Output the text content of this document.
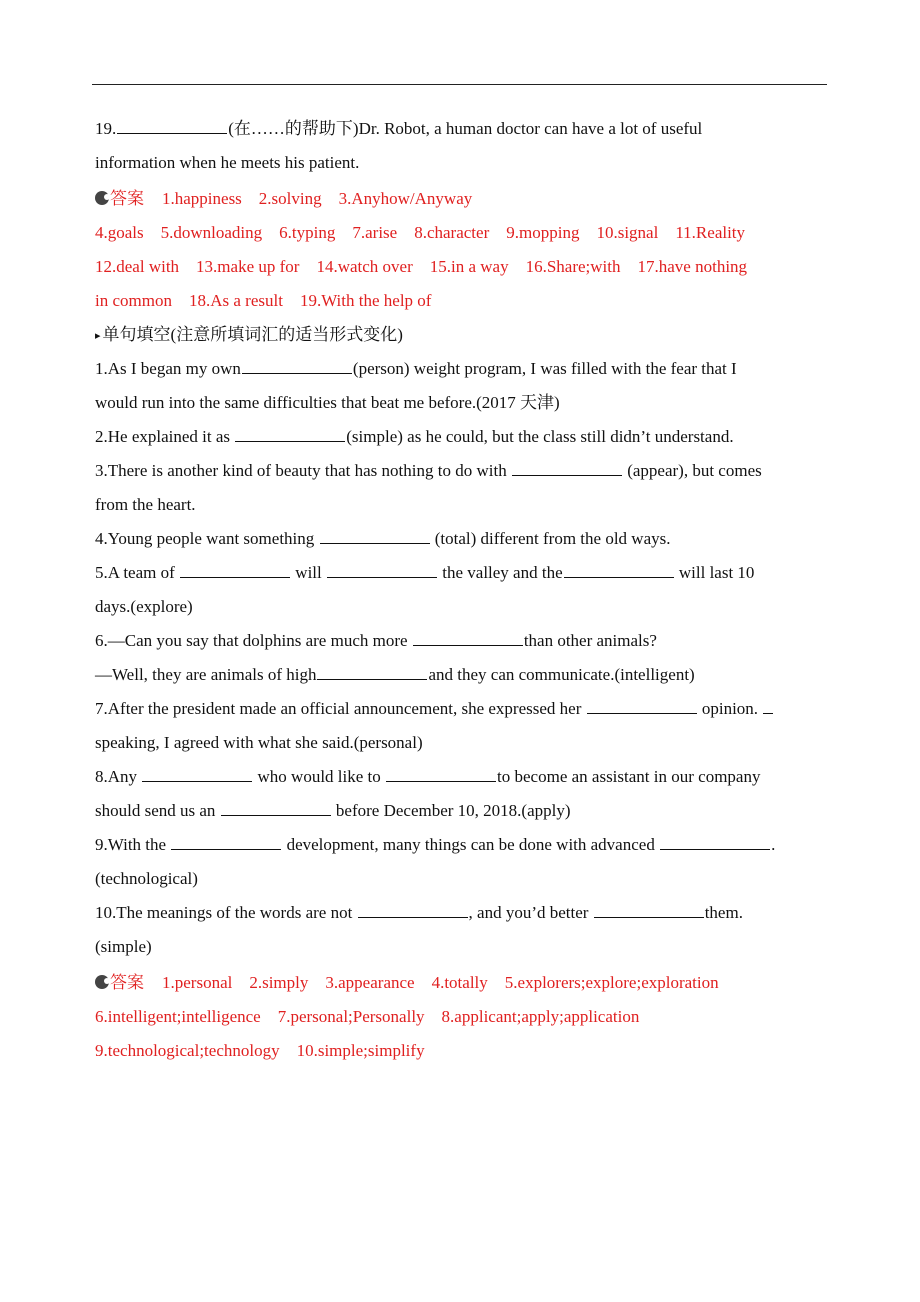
19.	(在……的帮助下)Dr. Robot, a human doctor can have a lot of useful
information when he meets his patient.
答案 1.happiness 2.solving 3.Anyhow/Anyway
4.goals 5.downloading 6.typing 7.arise 8.character 9.mopping 10.signal 11.Reality
12.deal with 13.make up for 14.watch over 15.in a way 16.Share;with 17.have nothing
in common 18.As a result 19.With the help of
▸ 单句填空(注意所填词汇的适当形式变化)
1.As I began my own	(person) weight program, I was filled with the fear that I
would run into the same difficulties that beat me before.(2017 天津)
2.He explained it as	(simple) as he could, but the class still didn’t understand.
3.There is another kind of beauty that has nothing to do with	(appear), but comes
from the heart.
4.Young people want something	(total) different from the old ways.
5.A team of	will	the valley and the	will last 10
days.(explore)
6.—Can you say that dolphins are much more	than other animals?
—Well, they are animals of high	and they can communicate.(intelligent)
7.After the president made an official announcement, she expressed her	opinion.
speaking, I agreed with what she said.(personal)
8.Any	who would like to	to become an assistant in our company
should send us an	before December 10, 2018.(apply)
9.With the	development, many things can be done with advanced	.
(technological)
10.The meanings of the words are not	, and you’d better	them.
(simple)
答案 1.personal 2.simply 3.appearance 4.totally 5.explorers;explore;exploration
6.intelligent;intelligence 7.personal;Personally 8.applicant;apply;application
9.technological;technology 10.simple;simplify
